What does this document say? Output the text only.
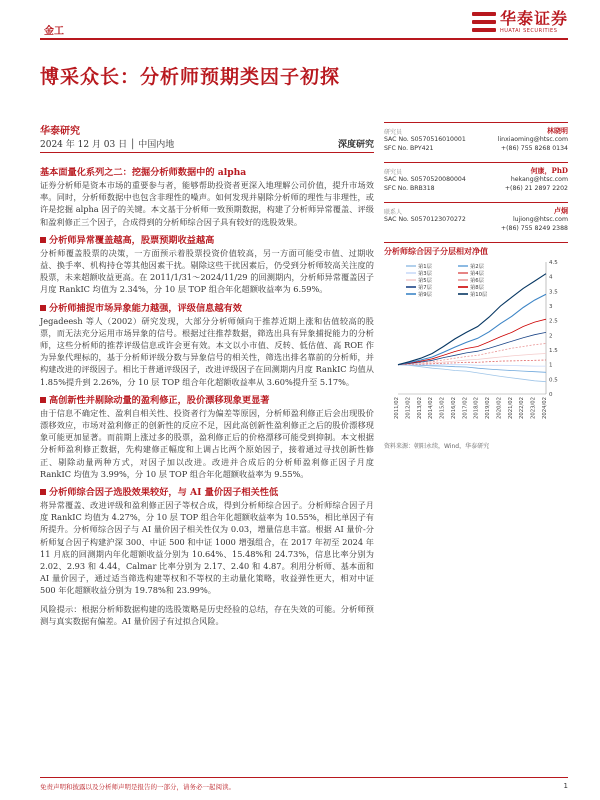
金工
华泰证券
HUATAI SECURITIES
博采众长：分析师预期类因子初探
华泰研究
2024 年 12 月 03 日 │ 中国内地	深度研究
基本面量化系列之二：挖掘分析师数据中的 alpha
证券分析师是资本市场的重要参与者，能够帮助投资者更深入地理解公司价值，提升市场效率。同时，分析师数据中也包含非理性的噪声。如何发现并剔除分析师的理性与非理性，或许是挖掘 alpha 因子的关键。本文基于分析师一致预期数据，构建了分析师异常覆盖、评级和盈利修正三个因子，合成得到的分析师综合因子具有较好的选股效果。
分析师异常覆盖越高，股票预期收益越高
分析师覆盖股票的决策，一方面预示着股票投资价值较高，另一方面可能受市值、过期收益、换手率、机构持仓等其他因素干扰。剔除这些干扰因素后，仍受到分析师较高关注度的股票，未来超额收益更高。在 2011/1/31～2024/11/29 的回测期内，分析师异常覆盖因子月度 RankIC 均值为 2.34%，分 10 层 TOP 组合年化超额收益率为 6.59%。
分析师捕捉市场异象能力越强，评级信息越有效
Jegadeesh 等人（2002）研究发现，大部分分析师倾向于推荐近期上涨和估值较高的股票，而无法充分运用市场异象的信号。根据过往推荐数据，筛选出具有异象捕捉能力的分析师，这些分析师的推荐评级信息或许会更有效。本文以小市值、反转、低估值、高 ROE 作为异象代理标的，基于分析师评级分数与异象信号的相关性，筛选出排名靠前的分析师，并构建改进的评级因子。相比于普通评级因子，改进评级因子在回测期内月度 RankIC 均值从 1.85%提升到 2.26%，分 10 层 TOP 组合年化超额收益率从 3.60%提升至 5.17%。
高创新性并剔除动量的盈利修正，股价漂移现象更显著
由于信息不确定性、盈利自相关性、投资者行为偏差等原因，分析师盈利修正后会出现股价漂移效应，市场对盈利修正的创新性的反应不足，因此高创新性盈利修正之后的股价漂移现象可能更加显著。而前期上涨过多的股票，盈利修正后的价格漂移可能受到抑制。本文根据分析师盈利修正数据，先构建修正幅度和上调占比两个原始因子，接着通过寻找创新性修正、剔除动量两种方式，对因子加以改进。改进并合成后的分析师盈利修正因子月度 RankIC 均值为 3.99%，分 10 层 TOP 组合年化超额收益率为 9.55%。
分析师综合因子选股效果较好，与 AI 量价因子相关性低
将异常覆盖、改进评级和盈利修正因子等权合成，得到分析师综合因子。分析师综合因子月度 RankIC 均值为 4.27%，分 10 层 TOP 组合年化超额收益率为 10.55%，相比单因子有所提升。分析师综合因子与 AI 量价因子相关性仅为 0.03，增量信息丰富。根据 AI 量价-分析师复合因子构建沪深 300、中证 500 和中证 1000 增强组合，在 2017 年初至 2024 年 11 月底的回测期内年化超额收益分别为 10.64%、15.48%和 24.73%，信息比率分别为 2.02、2.93 和 4.44，Calmar 比率分别为 2.17、2.40 和 4.87。利用分析师、基本面和 AI 量价因子，通过适当筛选构建等权和不等权的主动量化策略，收益弹性更大，相对中证 500 年化超额收益分别为 19.78%和 23.99%。
风险提示：根据分析师数据构建的选股策略是历史经验的总结，存在失效的可能。分析师预测与真实数据有偏差。AI 量价因子有过拟合风险。
研究员	林晓明
SAC No. S0570516010001	linxiaoming@htsc.com
SFC No. BPY421	+(86) 755 8268 0134
研究员	何康，PhD
SAC No. S0570520080004	hekang@htsc.com
SFC No. BRB318	+(86) 21 2897 2202
联系人	卢炯
SAC No. S0570123070272	lujiong@htsc.com
+(86) 755 8249 2388
分析师综合因子分层相对净值
0
0.5
1
1.5
2
2.5
3
3.5
4
4.5
2011/02 2012/02 2013/02 2014/02 2015/02 2016/02 2017/02 2018/02 2019/02 2020/02 2021/02 2022/02 2023/02 2024/02
第1层	第2层
第3层	第4层
第5层	第6层
第7层	第8层
第9层	第10层
资料来源：朝阳永续，Wind，华泰研究
免责声明和披露以及分析师声明是报告的一部分，请务必一起阅读。	1
